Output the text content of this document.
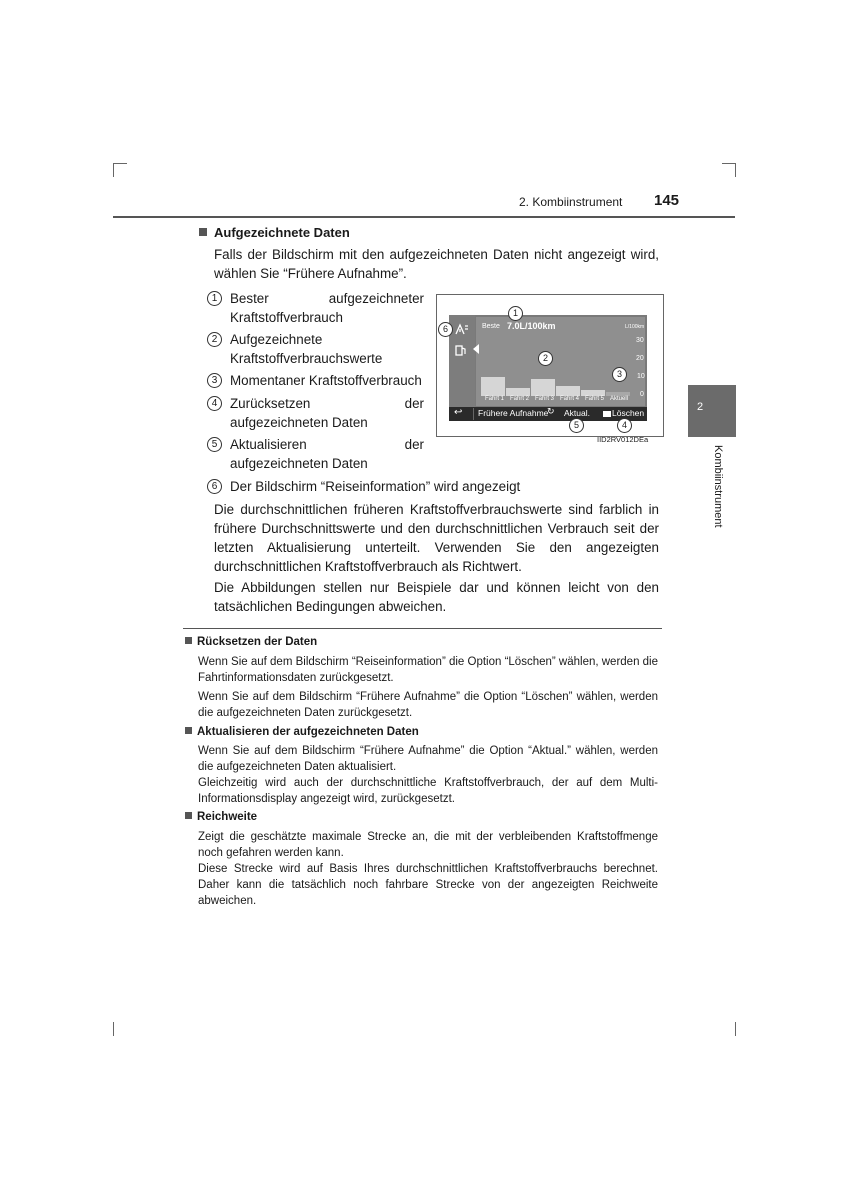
2. Kombiinstrument 145
2
Kombiinstrument
Aufgezeichnete Daten
Falls der Bildschirm mit den aufgezeichneten Daten nicht angezeigt wird, wählen Sie “Frühere Aufnahme”.
1 Bester aufgezeichneter Kraftstoffverbrauch
2 Aufgezeichnete Kraftstoffverbrauchswerte
3 Momentaner Kraftstoffverbrauch
4 Zurücksetzen der aufgezeichneten Daten
5 Aktualisieren der aufgezeichneten Daten
6 Der Bildschirm “Reiseinformation” wird angezeigt
Beste 7.0L/100km	L/100km
30
20
10
0
Fahrt 1 Fahrt 2 Fahrt 3 Fahrt 4 Fahrt 5 Aktuell
↩ Frühere Aufnahme
↻ Aktual.	Löschen
1
2
3
4
5
6
IID2RV012DEa
Die durchschnittlichen früheren Kraftstoffverbrauchswerte sind farblich in frühere Durchschnittswerte und den durchschnittlichen Verbrauch seit der letzten Aktualisierung unterteilt. Verwenden Sie den angezeigten durchschnittlichen Kraftstoffverbrauch als Richtwert.
Die Abbildungen stellen nur Beispiele dar und können leicht von den tatsächlichen Bedingungen abweichen.
Rücksetzen der Daten
Wenn Sie auf dem Bildschirm “Reiseinformation” die Option “Löschen” wählen, werden die Fahrtinformationsdaten zurückgesetzt.
Wenn Sie auf dem Bildschirm “Frühere Aufnahme” die Option “Löschen” wählen, werden die aufgezeichneten Daten zurückgesetzt.
Aktualisieren der aufgezeichneten Daten
Wenn Sie auf dem Bildschirm “Frühere Aufnahme” die Option “Aktual.” wählen, werden die aufgezeichneten Daten aktualisiert.
Gleichzeitig wird auch der durchschnittliche Kraftstoffverbrauch, der auf dem Multi-Informationsdisplay angezeigt wird, zurückgesetzt.
Reichweite
Zeigt die geschätzte maximale Strecke an, die mit der verbleibenden Kraftstoffmenge noch gefahren werden kann.
Diese Strecke wird auf Basis Ihres durchschnittlichen Kraftstoffverbrauchs berechnet. Daher kann die tatsächlich noch fahrbare Strecke von der angezeigten Reichweite abweichen.
